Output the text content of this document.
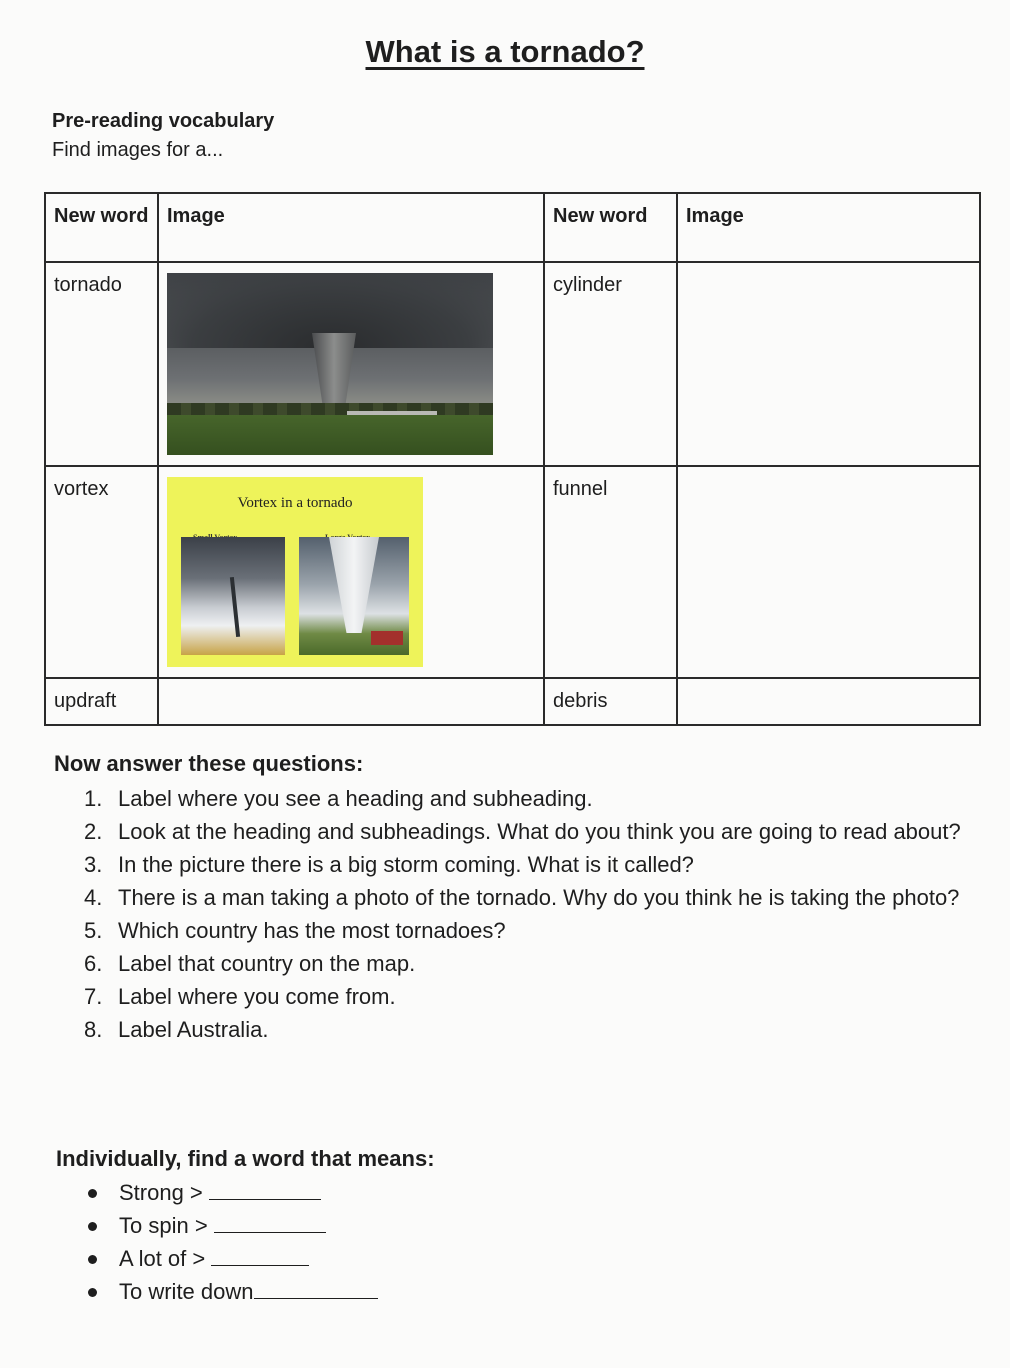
What is a tornado?
Pre-reading vocabulary
Find images for a...
New word	Image	New word	Image
tornado		cylinder	
vortex	Vortex in a tornado	funnel	
updraft		debris	
Now answer these questions:
1. Label where you see a heading and subheading.
2. Look at the heading and subheadings. What do you think you are going to read about?
3. In the picture there is a big storm coming. What is it called?
4. There is a man taking a photo of the tornado. Why do you think he is taking the photo?
5. Which country has the most tornadoes?
6. Label that country on the map.
7. Label where you come from.
8. Label Australia.
Individually, find a word that means:
Strong >
To spin >
A lot of >
To write down
